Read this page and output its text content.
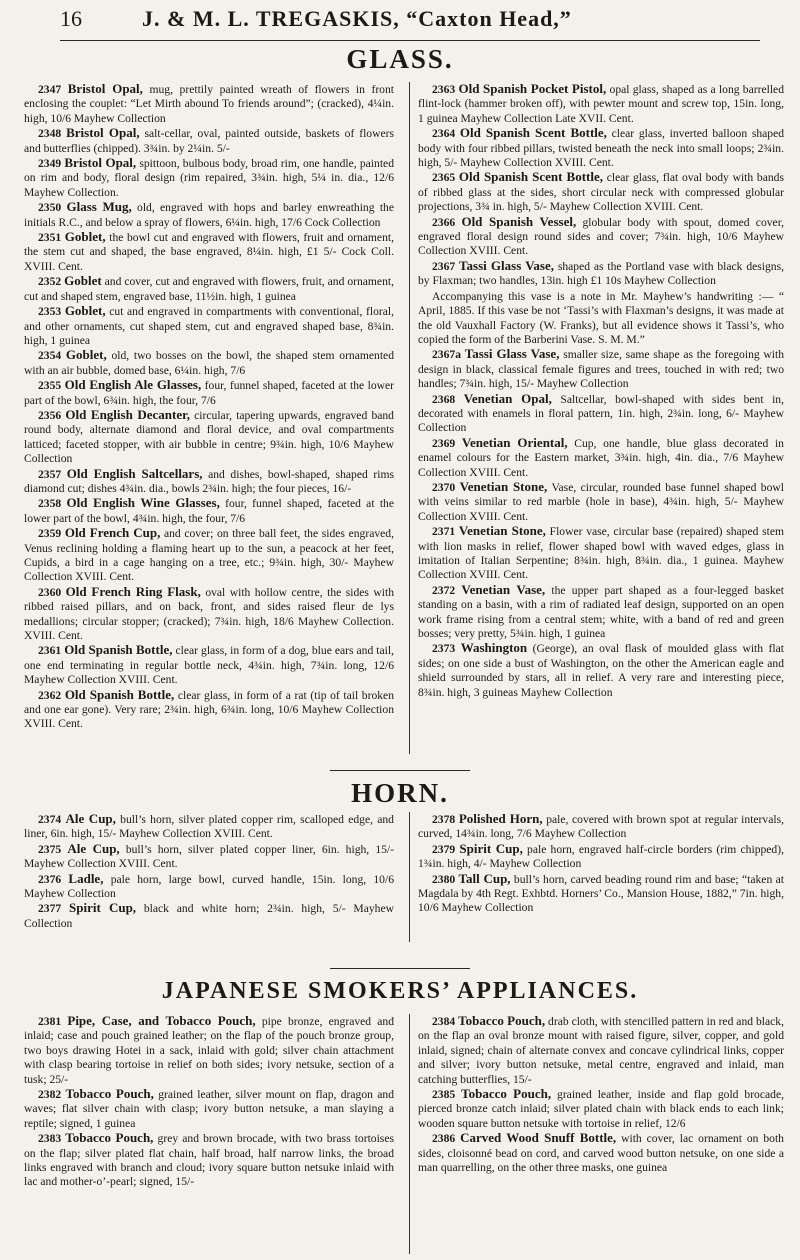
16	J. & M. L. TREGASKIS, “Caxton Head,”
GLASS.

2347 Bristol Opal, mug, prettily painted wreath of flowers in front enclosing the couplet: “Let Mirth abound To friends around”; (cracked), 4¼in. high, 10/6 Mayhew Collection

2348 Bristol Opal, salt-cellar, oval, painted outside, baskets of flowers and butterflies (chipped). 3¾in. by 2¼in. 5/-

2349 Bristol Opal, spittoon, bulbous body, broad rim, one handle, painted on rim and body, floral design (rim repaired, 3¾in. high, 5¼ in. dia., 12/6 Mayhew Collection.

2350 Glass Mug, old, engraved with hops and barley enwreathing the initials R.C., and below a spray of flowers, 6¼in. high, 17/6 Cock Collection

2351 Goblet, the bowl cut and engraved with flowers, fruit and ornament, the stem cut and shaped, the base engraved, 8¼in. high, £1 5/- Cock Coll. XVIII. Cent.

2352 Goblet and cover, cut and engraved with flowers, fruit, and ornament, cut and shaped stem, engraved base, 11½in. high, 1 guinea

2353 Goblet, cut and engraved in compartments with conventional, floral, and other ornaments, cut shaped stem, cut and engraved shaped base, 8¾in. high, 1 guinea

2354 Goblet, old, two bosses on the bowl, the shaped stem ornamented with an air bubble, domed base, 6¼in. high, 7/6

2355 Old English Ale Glasses, four, funnel shaped, faceted at the lower part of the bowl, 6¾in. high, the four, 7/6

2356 Old English Decanter, circular, tapering upwards, engraved band round body, alternate diamond and floral device, and oval compartments latticed; faceted stopper, with air bubble in centre; 9¾in. high, 10/6 Mayhew Collection

2357 Old English Saltcellars, and dishes, bowl-shaped, shaped rims diamond cut; dishes 4¾in. dia., bowls 2¾in. high; the four pieces, 16/-

2358 Old English Wine Glasses, four, funnel shaped, faceted at the lower part of the bowl, 4¾in. high, the four, 7/6

2359 Old French Cup, and cover; on three ball feet, the sides engraved, Venus reclining holding a flaming heart up to the sun, a peacock at her feet, Cupids, a bird in a cage hanging on a tree, etc.; 9¾in. high, 30/- Mayhew Collection XVIII. Cent.

2360 Old French Ring Flask, oval with hollow centre, the sides with ribbed raised pillars, and on back, front, and sides raised fleur de lys medallions; circular stopper; (cracked); 7¾in. high, 18/6 Mayhew Collection. XVIII. Cent.

2361 Old Spanish Bottle, clear glass, in form of a dog, blue ears and tail, one end terminating in regular bottle neck, 4¾in. high, 7¾in. long, 12/6 Mayhew Collection XVIII. Cent.

2362 Old Spanish Bottle, clear glass, in form of a rat (tip of tail broken and one ear gone). Very rare; 2¾in. high, 6¾in. long, 10/6 Mayhew Collection XVIII. Cent.

2363 Old Spanish Pocket Pistol, opal glass, shaped as a long barrelled flint-lock (hammer broken off), with pewter mount and screw top, 15in. long, 1 guinea Mayhew Collection Late XVII. Cent.

2364 Old Spanish Scent Bottle, clear glass, inverted balloon shaped body with four ribbed pillars, twisted beneath the neck into small loops; 2¾in. high, 5/- Mayhew Collection XVIII. Cent.

2365 Old Spanish Scent Bottle, clear glass, flat oval body with bands of ribbed glass at the sides, short circular neck with compressed globular projections, 3¾ in. high, 5/- Mayhew Collection XVIII. Cent.

2366 Old Spanish Vessel, globular body with spout, domed cover, engraved floral design round sides and cover; 7¾in. high, 10/6 Mayhew Collection XVIII. Cent.

2367 Tassi Glass Vase, shaped as the Portland vase with black designs, by Flaxman; two handles, 13in. high £1 10s Mayhew Collection

Accompanying this vase is a note in Mr. Mayhew’s handwriting :— “ April, 1885. If this vase be not ‘Tassi’s with Flaxman’s designs, it was made at the old Vauxhall Factory (W. Franks), but all evidence shows it Tassi’s, who copied the form of the Barberini Vase. S. M. M.”

2367a Tassi Glass Vase, smaller size, same shape as the foregoing with design in black, classical female figures and trees, touched in with red; two handles; 7¾in. high, 15/- Mayhew Collection

2368 Venetian Opal, Saltcellar, bowl-shaped with sides bent in, decorated with enamels in floral pattern, 1in. high, 2¾in. long, 6/- Mayhew Collection

2369 Venetian Oriental, Cup, one handle, blue glass decorated in enamel colours for the Eastern market, 3¾in. high, 4in. dia., 7/6 Mayhew Collection XVIII. Cent.

2370 Venetian Stone, Vase, circular, rounded base funnel shaped bowl with veins similar to red marble (hole in base), 4¾in. high, 5/- Mayhew Collection XVIII. Cent.

2371 Venetian Stone, Flower vase, circular base (repaired) shaped stem with lion masks in relief, flower shaped bowl with waved edges, glass in imitation of Italian Serpentine; 8¾in. high, 8¾in. dia., 1 guinea. Mayhew Collection XVIII. Cent.

2372 Venetian Vase, the upper part shaped as a four-legged basket standing on a basin, with a rim of radiated leaf design, supported on an open work frame rising from a central stem; white, with a band of red and green bosses; very pretty, 5¾in. high, 1 guinea

2373 Washington (George), an oval flask of moulded glass with flat sides; on one side a bust of Washington, on the other the American eagle and shield surrounded by stars, all in relief. A very rare and interesting piece, 8¾in. high, 3 guineas Mayhew Collection

HORN.

2374 Ale Cup, bull’s horn, silver plated copper rim, scalloped edge, and liner, 6in. high, 15/- Mayhew Collection XVIII. Cent.

2375 Ale Cup, bull’s horn, silver plated copper liner, 6in. high, 15/- Mayhew Collection XVIII. Cent.

2376 Ladle, pale horn, large bowl, curved handle, 15in. long, 10/6 Mayhew Collection

2377 Spirit Cup, black and white horn; 2¾in. high, 5/- Mayhew Collection

2378 Polished Horn, pale, covered with brown spot at regular intervals, curved, 14¾in. long, 7/6 Mayhew Collection

2379 Spirit Cup, pale horn, engraved half-circle borders (rim chipped), 1¾in. high, 4/- Mayhew Collection

2380 Tall Cup, bull’s horn, carved beading round rim and base; “taken at Magdala by 4th Regt. Exhbtd. Horners’ Co., Mansion House, 1882,” 7in. high, 10/6 Mayhew Collection

JAPANESE SMOKERS’ APPLIANCES.

2381 Pipe, Case, and Tobacco Pouch, pipe bronze, engraved and inlaid; case and pouch grained leather; on the flap of the pouch bronze group, two boys drawing Hotei in a sack, inlaid with gold; silver chain attachment with clasp bearing tortoise in relief on both sides; ivory netsuke, section of a tusk; 25/-

2382 Tobacco Pouch, grained leather, silver mount on flap, dragon and waves; flat silver chain with clasp; ivory button netsuke, a man slaying a reptile; signed, 1 guinea

2383 Tobacco Pouch, grey and brown brocade, with two brass tortoises on the flap; silver plated flat chain, half broad, half narrow links, the broad links engraved with branch and cloud; ivory square button netsuke inlaid with lac and mother-o’-pearl; signed, 15/-

2384 Tobacco Pouch, drab cloth, with stencilled pattern in red and black, on the flap an oval bronze mount with raised figure, silver, copper, and gold inlaid, signed; chain of alternate convex and concave cylindrical links, copper and silver; ivory button netsuke, metal centre, engraved and inlaid, man catching butterflies, 15/-

2385 Tobacco Pouch, grained leather, inside and flap gold brocade, pierced bronze catch inlaid; silver plated chain with black ends to each link; wooden square button netsuke with tortoise in relief, 12/6

2386 Carved Wood Snuff Bottle, with cover, lac ornament on both sides, cloisonné bead on cord, and carved wood button netsuke, on one side a man quarrelling, on the other three masks, one guinea
